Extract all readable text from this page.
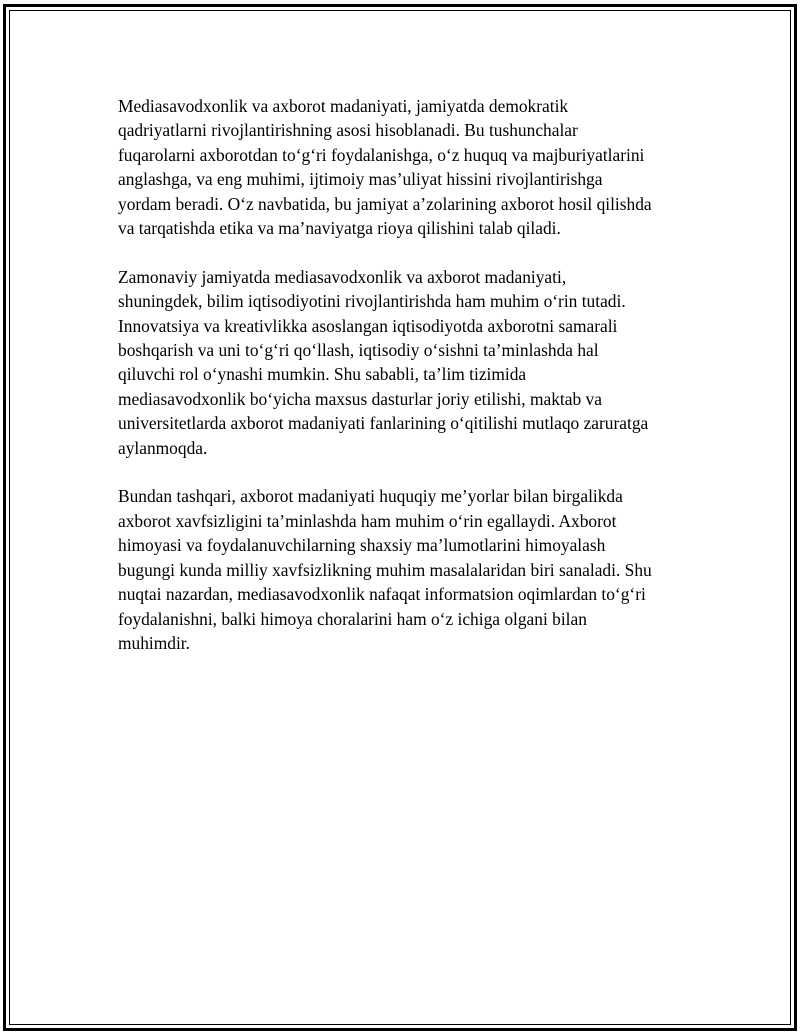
Mediasavodxonlik va axborot madaniyati, jamiyatda demokratik
qadriyatlarni rivojlantirishning asosi hisoblanadi. Bu tushunchalar
fuqarolarni axborotdan to‘g‘ri foydalanishga, o‘z huquq va majburiyatlarini
anglashga, va eng muhimi, ijtimoiy mas’uliyat hissini rivojlantirishga
yordam beradi. O‘z navbatida, bu jamiyat a’zolarining axborot hosil qilishda
va tarqatishda etika va ma’naviyatga rioya qilishini talab qiladi.

Zamonaviy jamiyatda mediasavodxonlik va axborot madaniyati,
shuningdek, bilim iqtisodiyotini rivojlantirishda ham muhim o‘rin tutadi.
Innovatsiya va kreativlikka asoslangan iqtisodiyotda axborotni samarali
boshqarish va uni to‘g‘ri qo‘llash, iqtisodiy o‘sishni ta’minlashda hal
qiluvchi rol o‘ynashi mumkin. Shu sababli, ta’lim tizimida
mediasavodxonlik bo‘yicha maxsus dasturlar joriy etilishi, maktab va
universitetlarda axborot madaniyati fanlarining o‘qitilishi mutlaqo zaruratga
aylanmoqda.

Bundan tashqari, axborot madaniyati huquqiy me’yorlar bilan birgalikda
axborot xavfsizligini ta’minlashda ham muhim o‘rin egallaydi. Axborot
himoyasi va foydalanuvchilarning shaxsiy ma’lumotlarini himoyalash
bugungi kunda milliy xavfsizlikning muhim masalalaridan biri sanaladi. Shu
nuqtai nazardan, mediasavodxonlik nafaqat informatsion oqimlardan to‘g‘ri
foydalanishni, balki himoya choralarini ham o‘z ichiga olgani bilan
muhimdir.
